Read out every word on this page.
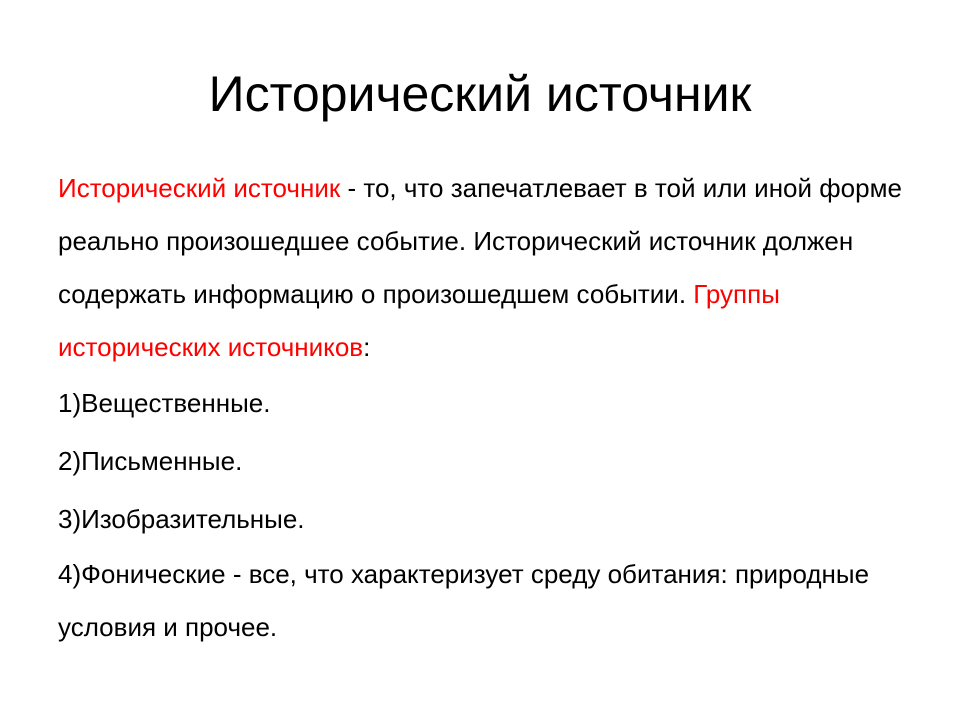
Исторический источник

Исторический источник - то, что запечатлевает в той или иной форме реально произошедшее событие. Исторический источник должен содержать информацию о произошедшем событии. Группы исторических источников:

1)Вещественные.

2)Письменные.

3)Изобразительные.

4)Фонические - все, что характеризует среду обитания: природные условия и прочее.
